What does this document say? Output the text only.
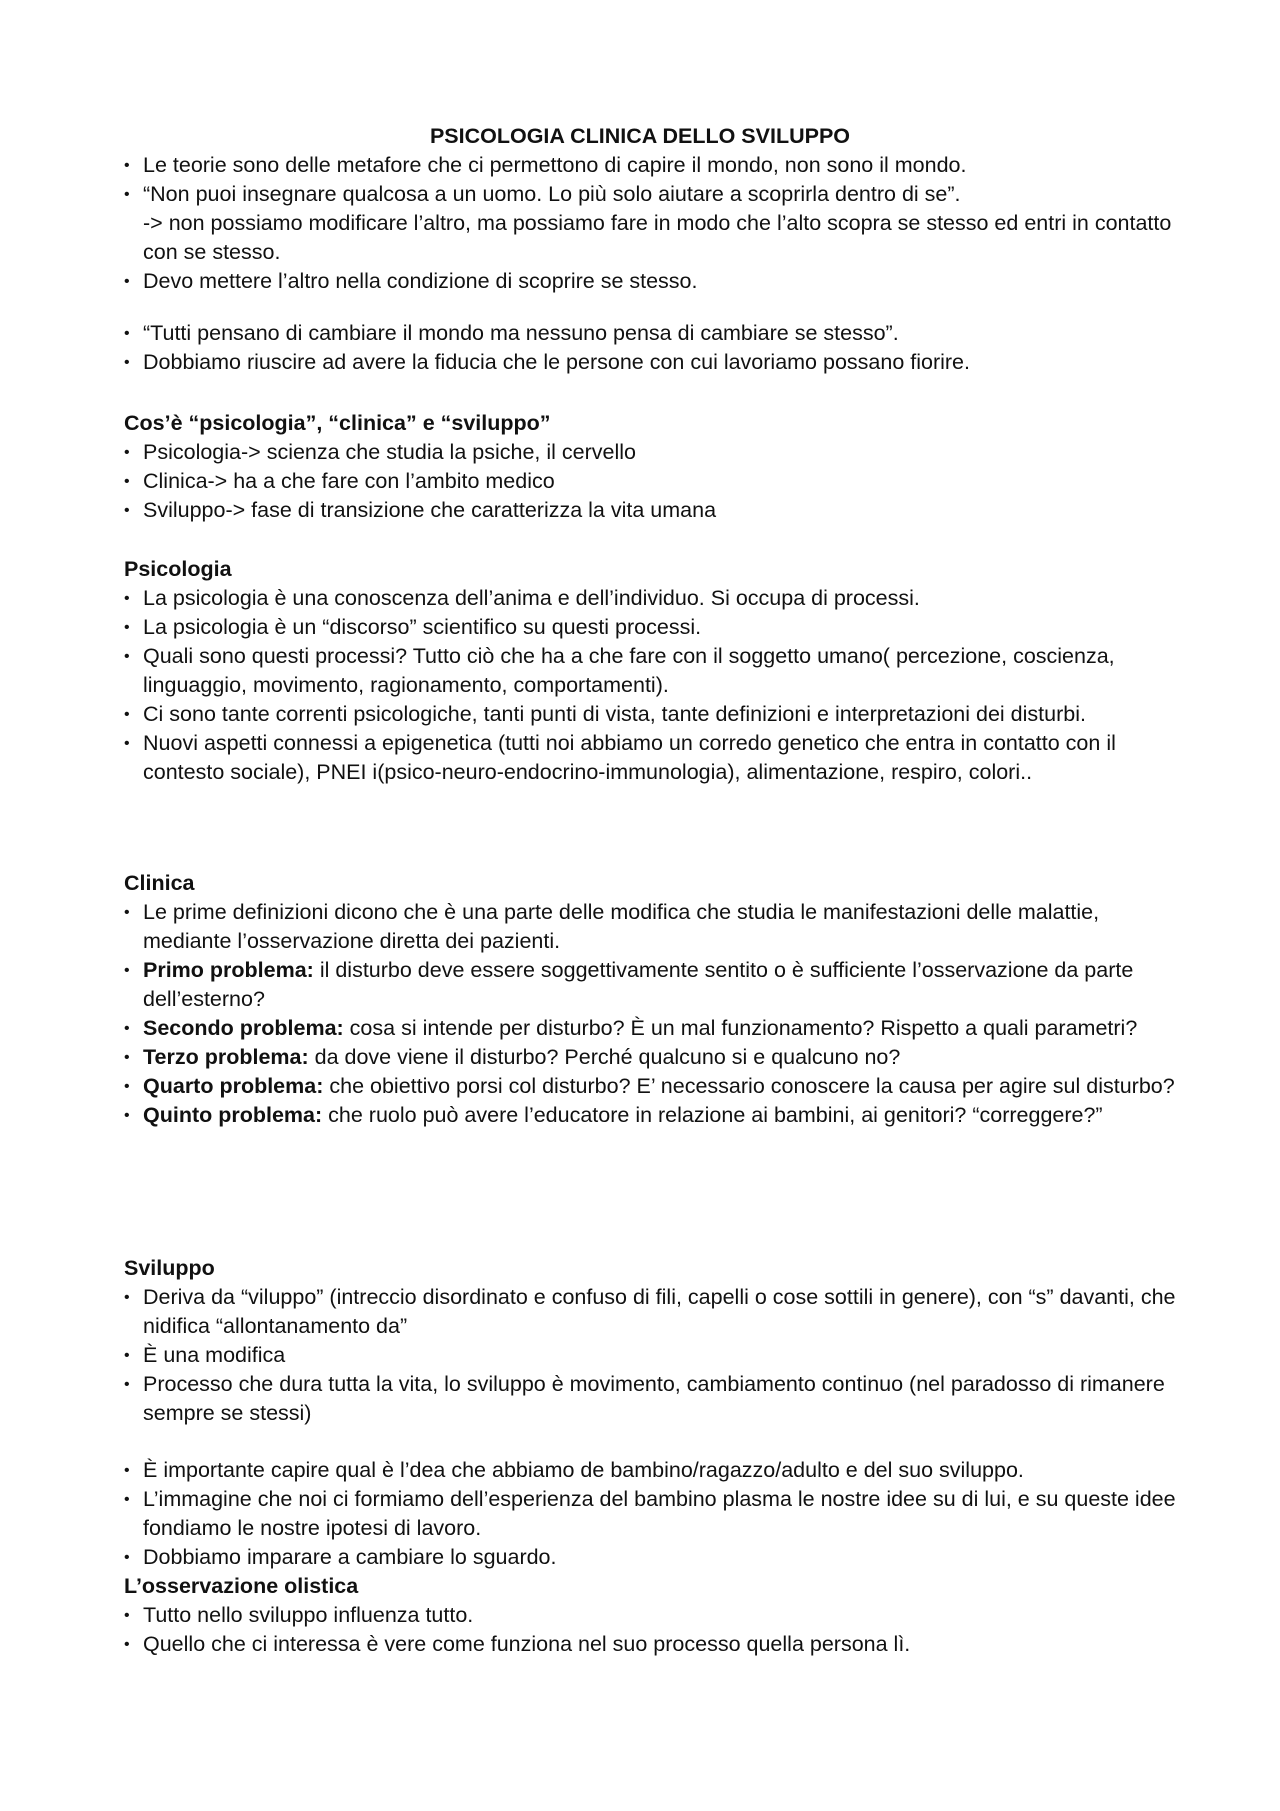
PSICOLOGIA CLINICA DELLO SVILUPPO
• Le teorie sono delle metafore che ci permettono di capire il mondo, non sono il mondo.
• “Non puoi insegnare qualcosa a un uomo. Lo più solo aiutare a scoprirla dentro di se”.
-> non possiamo modificare l’altro, ma possiamo fare in modo che l’alto scopra se stesso ed entri in contatto con se stesso.
• Devo mettere l’altro nella condizione di scoprire se stesso.
• “Tutti pensano di cambiare il mondo ma nessuno pensa di cambiare se stesso”.
• Dobbiamo riuscire ad avere la fiducia che le persone con cui lavoriamo possano fiorire.
Cos’è “psicologia”, “clinica” e “sviluppo”
• Psicologia-> scienza che studia la psiche, il cervello
• Clinica-> ha a che fare con l’ambito medico
• Sviluppo-> fase di transizione che caratterizza la vita umana
Psicologia
• La psicologia è una conoscenza dell’anima e dell’individuo. Si occupa di processi.
• La psicologia è un “discorso” scientifico su questi processi.
• Quali sono questi processi? Tutto ciò che ha a che fare con il soggetto umano( percezione, coscienza, linguaggio, movimento, ragionamento, comportamenti).
• Ci sono tante correnti psicologiche, tanti punti di vista, tante definizioni e interpretazioni dei disturbi.
• Nuovi aspetti connessi a epigenetica (tutti noi abbiamo un corredo genetico che entra in contatto con il contesto sociale), PNEI i(psico-neuro-endocrino-immunologia), alimentazione, respiro, colori..
Clinica
• Le prime definizioni dicono che è una parte delle modifica che studia le manifestazioni delle malattie, mediante l’osservazione diretta dei pazienti.
• Primo problema: il disturbo deve essere soggettivamente sentito o è sufficiente l’osservazione da parte dell’esterno?
• Secondo problema: cosa si intende per disturbo? È un mal funzionamento? Rispetto a quali parametri?
• Terzo problema: da dove viene il disturbo? Perché qualcuno si e qualcuno no?
• Quarto problema: che obiettivo porsi col disturbo? E’ necessario conoscere la causa per agire sul disturbo?
• Quinto problema: che ruolo può avere l’educatore in relazione ai bambini, ai genitori? “correggere?”
Sviluppo
• Deriva da “viluppo” (intreccio disordinato e confuso di fili, capelli o cose sottili in genere), con “s” davanti, che nidifica “allontanamento da”
• È una modifica
• Processo che dura tutta la vita, lo sviluppo è movimento, cambiamento continuo (nel paradosso di rimanere sempre se stessi)
• È importante capire qual è l’dea che abbiamo de bambino/ragazzo/adulto e del suo sviluppo.
• L’immagine che noi ci formiamo dell’esperienza del bambino plasma le nostre idee su di lui, e su queste idee fondiamo le nostre ipotesi di lavoro.
• Dobbiamo imparare a cambiare lo sguardo.
L’osservazione olistica
• Tutto nello sviluppo influenza tutto.
• Quello che ci interessa è vere come funziona nel suo processo quella persona lì.
